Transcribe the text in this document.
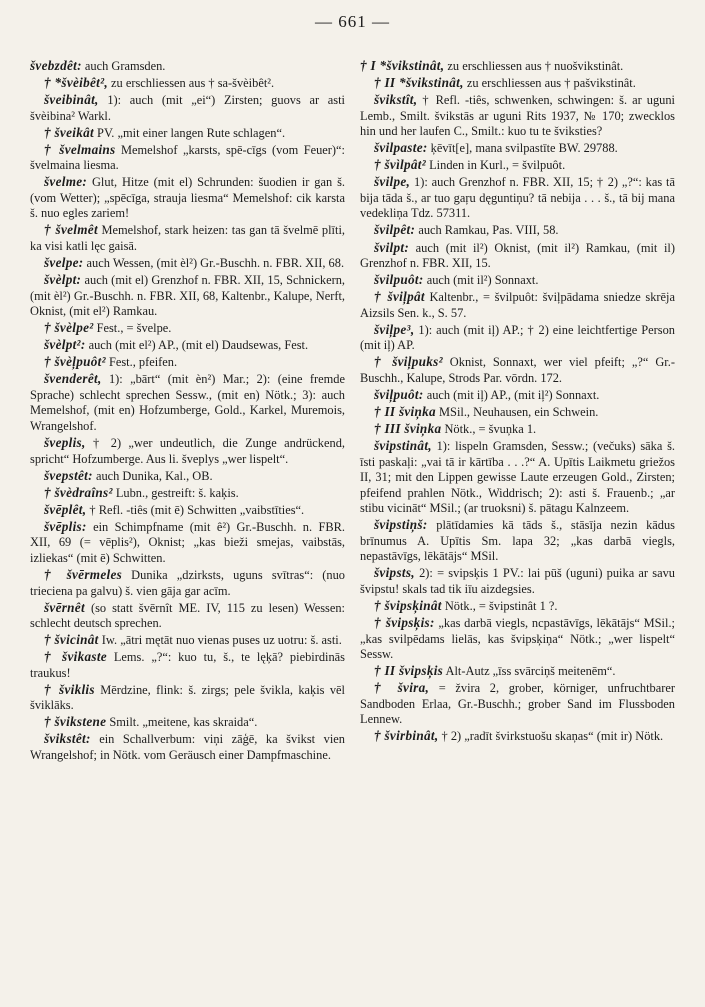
— 661 —

švebzdêt: auch Gramsden.

† *švèibêt², zu erschliessen aus † sa-švèibêt².

šveibinât, 1): auch (mit „ei“) Zirsten; guovs ar asti švèibina² Warkl.

† šveikât PV. „mit einer langen Rute schlagen“.

† švelmains Memelshof „karsts, spē-cīgs (vom Feuer)“: švelmaina liesma.

švelme: Glut, Hitze (mit el) Schrunden: šuodien ir gan š. (vom Wetter); „spēcīga, strauja liesma“ Memelshof: cik karsta š. nuo egles zariem!

† švelmêt Memelshof, stark heizen: tas gan tā švelmē plīti, ka visi katli lęc gaisā.

švelpe: auch Wessen, (mit èl²) Gr.-Buschh. n. FBR. XII, 68.

švèlpt: auch (mit el) Grenzhof n. FBR. XII, 15, Schnickern, (mit èl²) Gr.-Buschh. n. FBR. XII, 68, Kaltenbr., Kalupe, Nerft, Oknist, (mit el²) Ramkau.

† švèlpe² Fest., = švelpe.

švèlpt²: auch (mit el²) AP., (mit el) Daudsewas, Fest.

† švèļpuôt² Fest., pfeifen.

švenderêt, 1): „bārt“ (mit èn²) Mar.; 2): (eine fremde Sprache) schlecht sprechen Sessw., (mit en) Nötk.; 3): auch Memelshof, (mit en) Hofzumberge, Gold., Karkel, Muremois, Wrangelshof.

šveplis, † 2) „wer undeutlich, die Zunge andrückend, spricht“ Hofzumberge. Aus li. šveplys „wer lispelt“.

švepstêt: auch Dunika, Kal., OB.

† švèdraîns² Lubn., gestreift: š. kaķis.

švēplêt, † Refl. -tiês (mit ē) Schwitten „vaibstīties“.

švēplis: ein Schimpfname (mit ê²) Gr.-Buschh. n. FBR. XII, 69 (= vēplis²), Oknist; „kas bieži smejas, vaibstās, izliekas“ (mit ē) Schwitten.

† švērmeles Dunika „dzirksts, uguns svītras“: (nuo trieciena pa galvu) š. vien gāja gar acīm.

švērnêt (so statt švērnît ME. IV, 115 zu lesen) Wessen: schlecht deutsch sprechen.

† švicinât Iw. „ātri mętāt nuo vienas puses uz uotru: š. asti.

† švikaste Lems. „?“: kuo tu, š., te lęķā? piebirdinās traukus!

† šviklis Mērdzine, flink: š. zirgs; pele švikla, kaķis vēl šviklāks.

† švikstene Smilt. „meitene, kas skraida“.

švikstêt: ein Schallverbum: viņi zāģē, ka švikst vien Wrangelshof; in Nötk. vom Geräusch einer Dampfmaschine.

† I *švikstinât, zu erschliessen aus † nuošvikstinât.

† II *švikstinât, zu erschliessen aus † pašvikstinât.

švikstît, † Refl. -tiês, schwenken, schwingen: š. ar uguni Lemb., Smilt. švikstās ar uguni Rits 1937, № 170; zwecklos hin und her laufen C., Smilt.: kuo tu te šviksties?

švilpaste: ķēvīt[e], mana svilpastīte BW. 29788.

† švìlpât² Linden in Kurl., = švilpuôt.

švilpe, 1): auch Grenzhof n. FBR. XII, 15; † 2) „?“: kas tā bija tāda š., ar tuo gaŗu dęguntiņu? tā nebija . . . š., tā bij mana vedekliņa Tdz. 57311.

švilpêt: auch Ramkau, Pas. VIII, 58.

švilpt: auch (mit il²) Oknist, (mit il²) Ramkau, (mit il) Grenzhof n. FBR. XII, 15.

švilpuôt: auch (mit il²) Sonnaxt.

† šviļpât Kaltenbr., = švilpuôt: šviļpādama sniedze skrēja Aizsils Sen. k., S. 57.

šviļpe³, 1): auch (mit iļ) AP.; † 2) eine leichtfertige Person (mit iļ) AP.

† šviļpuks² Oknist, Sonnaxt, wer viel pfeift; „?“ Gr.-Buschh., Kalupe, Strods Par. vōrdn. 172.

šviļpuôt: auch (mit iļ) AP., (mit iļ²) Sonnaxt.

† II šviņka MSil., Neuhausen, ein Schwein.

† III šviņka Nötk., = švuņka 1.

švipstinât, 1): lispeln Gramsden, Sessw.; (večuks) sāka š. īsti paskaļi: „vai tā ir kārtība . . .?“ A. Upītis Laikmetu griežos II, 31; mit den Lippen gewisse Laute erzeugen Gold., Zirsten; pfeifend prahlen Nötk., Widdrisch; 2): asti š. Frauenb.; „ar stibu vicināt“ MSil.; (ar truoksni) š. pātagu Kalnzeem.

švipstiņš: plātīdamies kā tāds š., stāsīja nezin kādus brīnumus A. Upītis Sm. lapa 32; „kas darbā viegls, nepastāvīgs, lēkātājs“ MSil.

švipsts, 2): = svipsķis 1 PV.: lai pūš (uguni) puika ar savu švipstu! skals tad tik iīu aizdegsies.

† švipsķinât Nötk., = švipstinât 1 ?.

† švipsķis: „kas darbā viegls, ncpastāvīgs, lēkātājs“ MSil.; „kas svilpēdams lielās, kas švipsķiņa“ Nötk.; „wer lispelt“ Sessw.

† II švipsķis Alt-Autz „īss svārciņš meitenēm“.

† švira, = žvira 2, grober, körniger, unfruchtbarer Sandboden Erlaa, Gr.-Buschh.; grober Sand im Flussboden Lennew.

† švirbinât, † 2) „radīt švirkstuošu skaņas“ (mit ir) Nötk.
